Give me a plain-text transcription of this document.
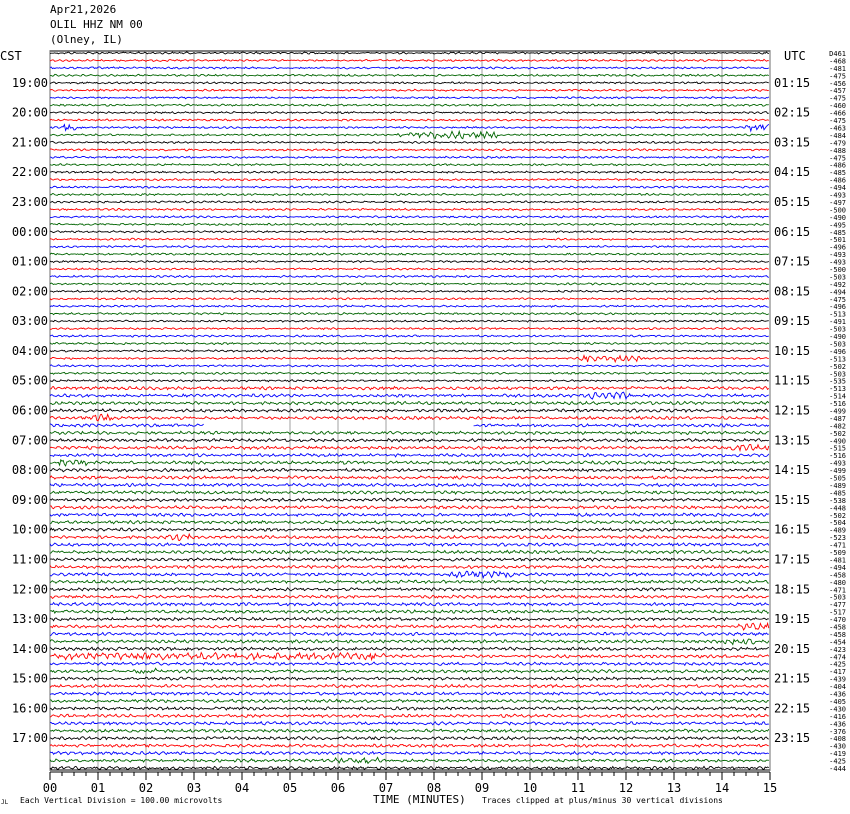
19:00
20:00
21:00
22:00
23:00
00:00
01:00
02:00
03:00
04:00
05:00
06:00
07:00
08:00
09:00
10:00
11:00
12:00
13:00
14:00
15:00
16:00
17:00
01:15
02:15
03:15
04:15
05:15
06:15
07:15
08:15
09:15
10:15
11:15
12:15
13:15
14:15
15:15
16:15
17:15
18:15
19:15
20:15
21:15
22:15
23:15
D461
-468
-481
-475
-456
-457
-475
-460
-466
-475
-463
-484
-479
-488
-475
-486
-485
-486
-494
-493
-497
-500
-490
-495
-485
-501
-496
-493
-493
-500
-503
-492
-494
-475
-496
-513
-491
-503
-490
-503
-496
-513
-502
-503
-535
-513
-514
-516
-499
-487
-482
-502
-490
-515
-516
-493
-499
-505
-489
-485
-538
-448
-502
-504
-489
-523
-471
-509
-481
-494
-458
-480
-471
-503
-477
-517
-470
-458
-458
-454
-423
-474
-425
-417
-439
-404
-436
-405
-430
-416
-436
-376
-408
-430
-419
-425
-444
00	01	02	03	04	05	06	07	08	09	10	11	12	13	14	15
Apr21,2026
OLIL HHZ NM 00
(Olney, IL)
CST	UTC
JL Each Vertical Division = 100.00 microvolts	TIME (MINUTES) Traces clipped at plus/minus 30 vertical divisions
